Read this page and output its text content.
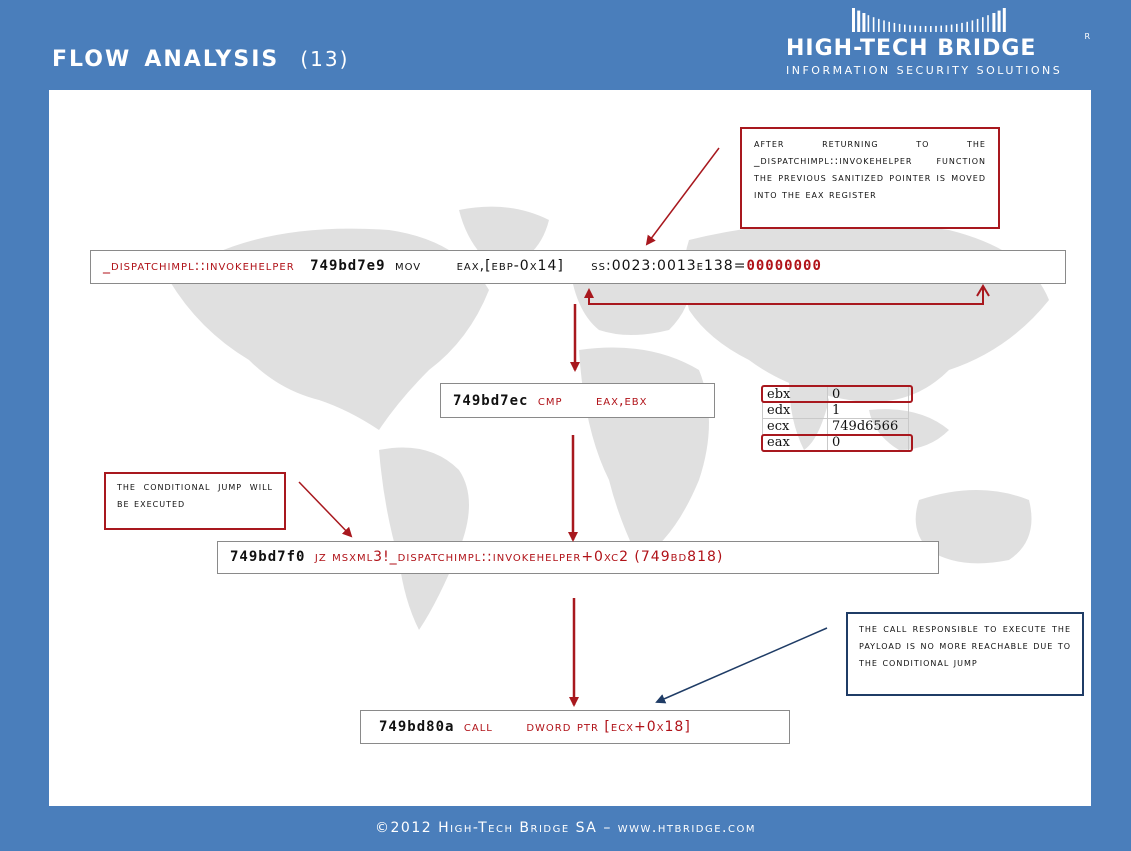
flow analysis (13)	HIGH-TECH BRIDGE	R
INFORMATION SECURITY SOLUTIONS
_dispatchimpl::invokehelper 749bd7e9 mov	eax,[ebp-0x14] ss:0023:0013e138=00000000
749bd7ec cmp eax,ebx
749bd7f0 jz msxml3!_dispatchimpl::invokehelper+0xc2 (749bd818)
749bd80a call dword ptr [ecx+0x18]
ebx	0
edx	1
ecx	749d6566
eax	0
after returning to the _dispatchimpl::invokehelper function the previous sanitized pointer is moved into the eax register
the conditional jump will be executed
the call responsible to execute the payload is no more reachable due to the conditional jump
©2012 High-Tech Bridge SA – www.htbridge.com
